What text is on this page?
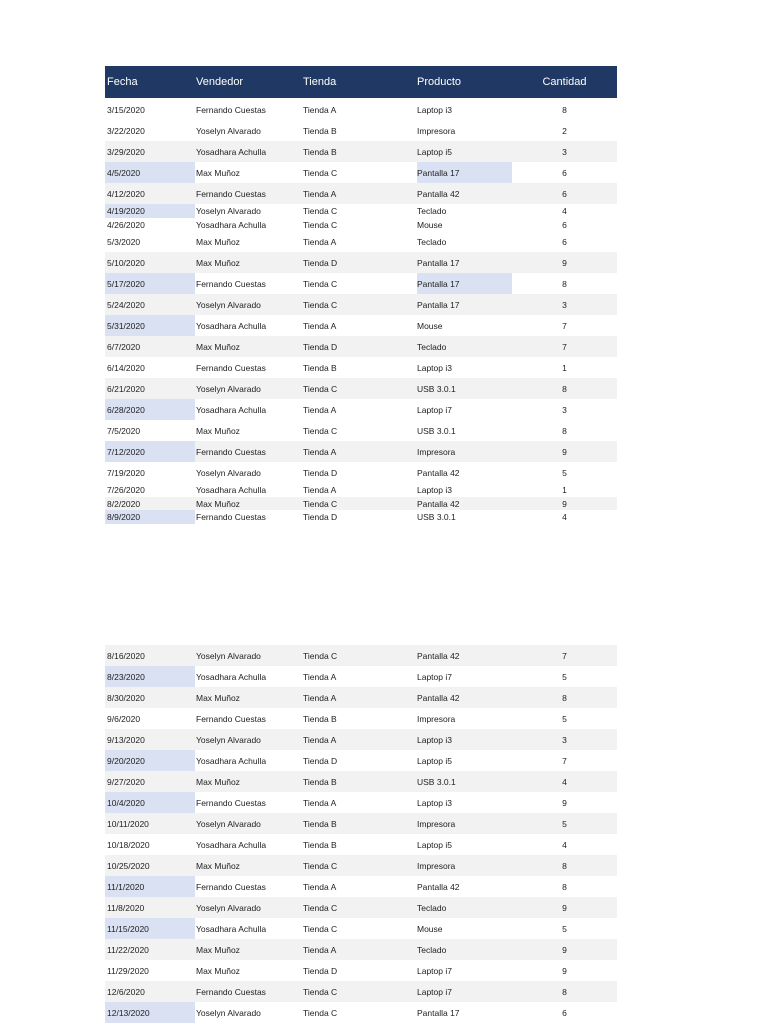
Fecha	Vendedor	Tienda	Producto	Cantidad
3/15/2020	Fernando Cuestas	Tienda A	Laptop i3	8
3/22/2020	Yoselyn Alvarado	Tienda B	Impresora	2
3/29/2020	Yosadhara Achulla	Tienda B	Laptop i5	3
4/5/2020	Max Muñoz	Tienda C	Pantalla 17	6
4/12/2020	Fernando Cuestas	Tienda A	Pantalla 42	6
4/19/2020	Yoselyn Alvarado	Tienda C	Teclado	4
4/26/2020	Yosadhara Achulla	Tienda C	Mouse	6
5/3/2020	Max Muñoz	Tienda A	Teclado	6
5/10/2020	Max Muñoz	Tienda D	Pantalla 17	9
5/17/2020	Fernando Cuestas	Tienda C	Pantalla 17	8
5/24/2020	Yoselyn Alvarado	Tienda C	Pantalla 17	3
5/31/2020	Yosadhara Achulla	Tienda A	Mouse	7
6/7/2020	Max Muñoz	Tienda D	Teclado	7
6/14/2020	Fernando Cuestas	Tienda B	Laptop i3	1
6/21/2020	Yoselyn Alvarado	Tienda C	USB 3.0.1	8
6/28/2020	Yosadhara Achulla	Tienda A	Laptop i7	3
7/5/2020	Max Muñoz	Tienda C	USB 3.0.1	8
7/12/2020	Fernando Cuestas	Tienda A	Impresora	9
7/19/2020	Yoselyn Alvarado	Tienda D	Pantalla 42	5
7/26/2020	Yosadhara Achulla	Tienda A	Laptop i3	1
8/2/2020	Max Muñoz	Tienda C	Pantalla 42	9
8/9/2020	Fernando Cuestas	Tienda D	USB 3.0.1	4
8/16/2020	Yoselyn Alvarado	Tienda C	Pantalla 42	7
8/23/2020	Yosadhara Achulla	Tienda A	Laptop i7	5
8/30/2020	Max Muñoz	Tienda A	Pantalla 42	8
9/6/2020	Fernando Cuestas	Tienda B	Impresora	5
9/13/2020	Yoselyn Alvarado	Tienda A	Laptop i3	3
9/20/2020	Yosadhara Achulla	Tienda D	Laptop i5	7
9/27/2020	Max Muñoz	Tienda B	USB 3.0.1	4
10/4/2020	Fernando Cuestas	Tienda A	Laptop i3	9
10/11/2020	Yoselyn Alvarado	Tienda B	Impresora	5
10/18/2020	Yosadhara Achulla	Tienda B	Laptop i5	4
10/25/2020	Max Muñoz	Tienda C	Impresora	8
11/1/2020	Fernando Cuestas	Tienda A	Pantalla 42	8
11/8/2020	Yoselyn Alvarado	Tienda C	Teclado	9
11/15/2020	Yosadhara Achulla	Tienda C	Mouse	5
11/22/2020	Max Muñoz	Tienda A	Teclado	9
11/29/2020	Max Muñoz	Tienda D	Laptop i7	9
12/6/2020	Fernando Cuestas	Tienda C	Laptop i7	8
12/13/2020	Yoselyn Alvarado	Tienda C	Pantalla 17	6
